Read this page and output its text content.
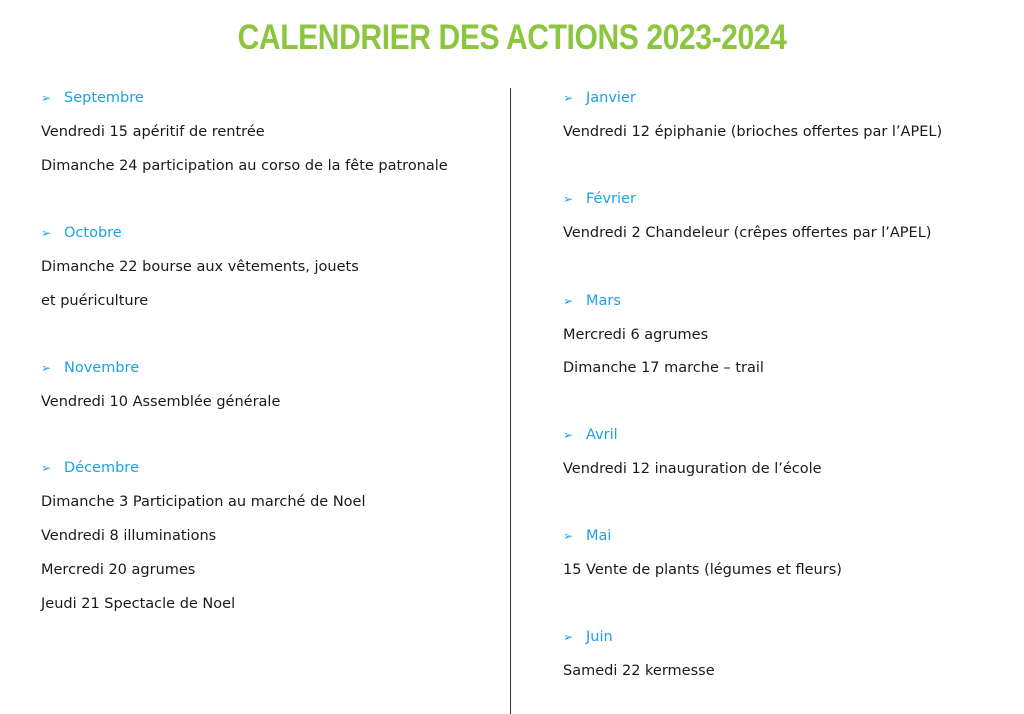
CALENDRIER DES ACTIONS 2023-2024
➢ Septembre
Vendredi 15 apéritif de rentrée
Dimanche 24 participation au corso de la fête patronale
➢ Octobre
Dimanche 22 bourse aux vêtements, jouets
et puériculture
➢ Novembre
Vendredi 10 Assemblée générale
➢ Décembre
Dimanche 3 Participation au marché de Noel
Vendredi 8 illuminations
Mercredi 20 agrumes
Jeudi 21 Spectacle de Noel
➢ Janvier
Vendredi 12 épiphanie (brioches offertes par l’APEL)
➢ Février
Vendredi 2 Chandeleur (crêpes offertes par l’APEL)
➢ Mars
Mercredi 6 agrumes
Dimanche 17 marche – trail
➢ Avril
Vendredi 12 inauguration de l’école
➢ Mai
15 Vente de plants (légumes et fleurs)
➢ Juin
Samedi 22 kermesse
